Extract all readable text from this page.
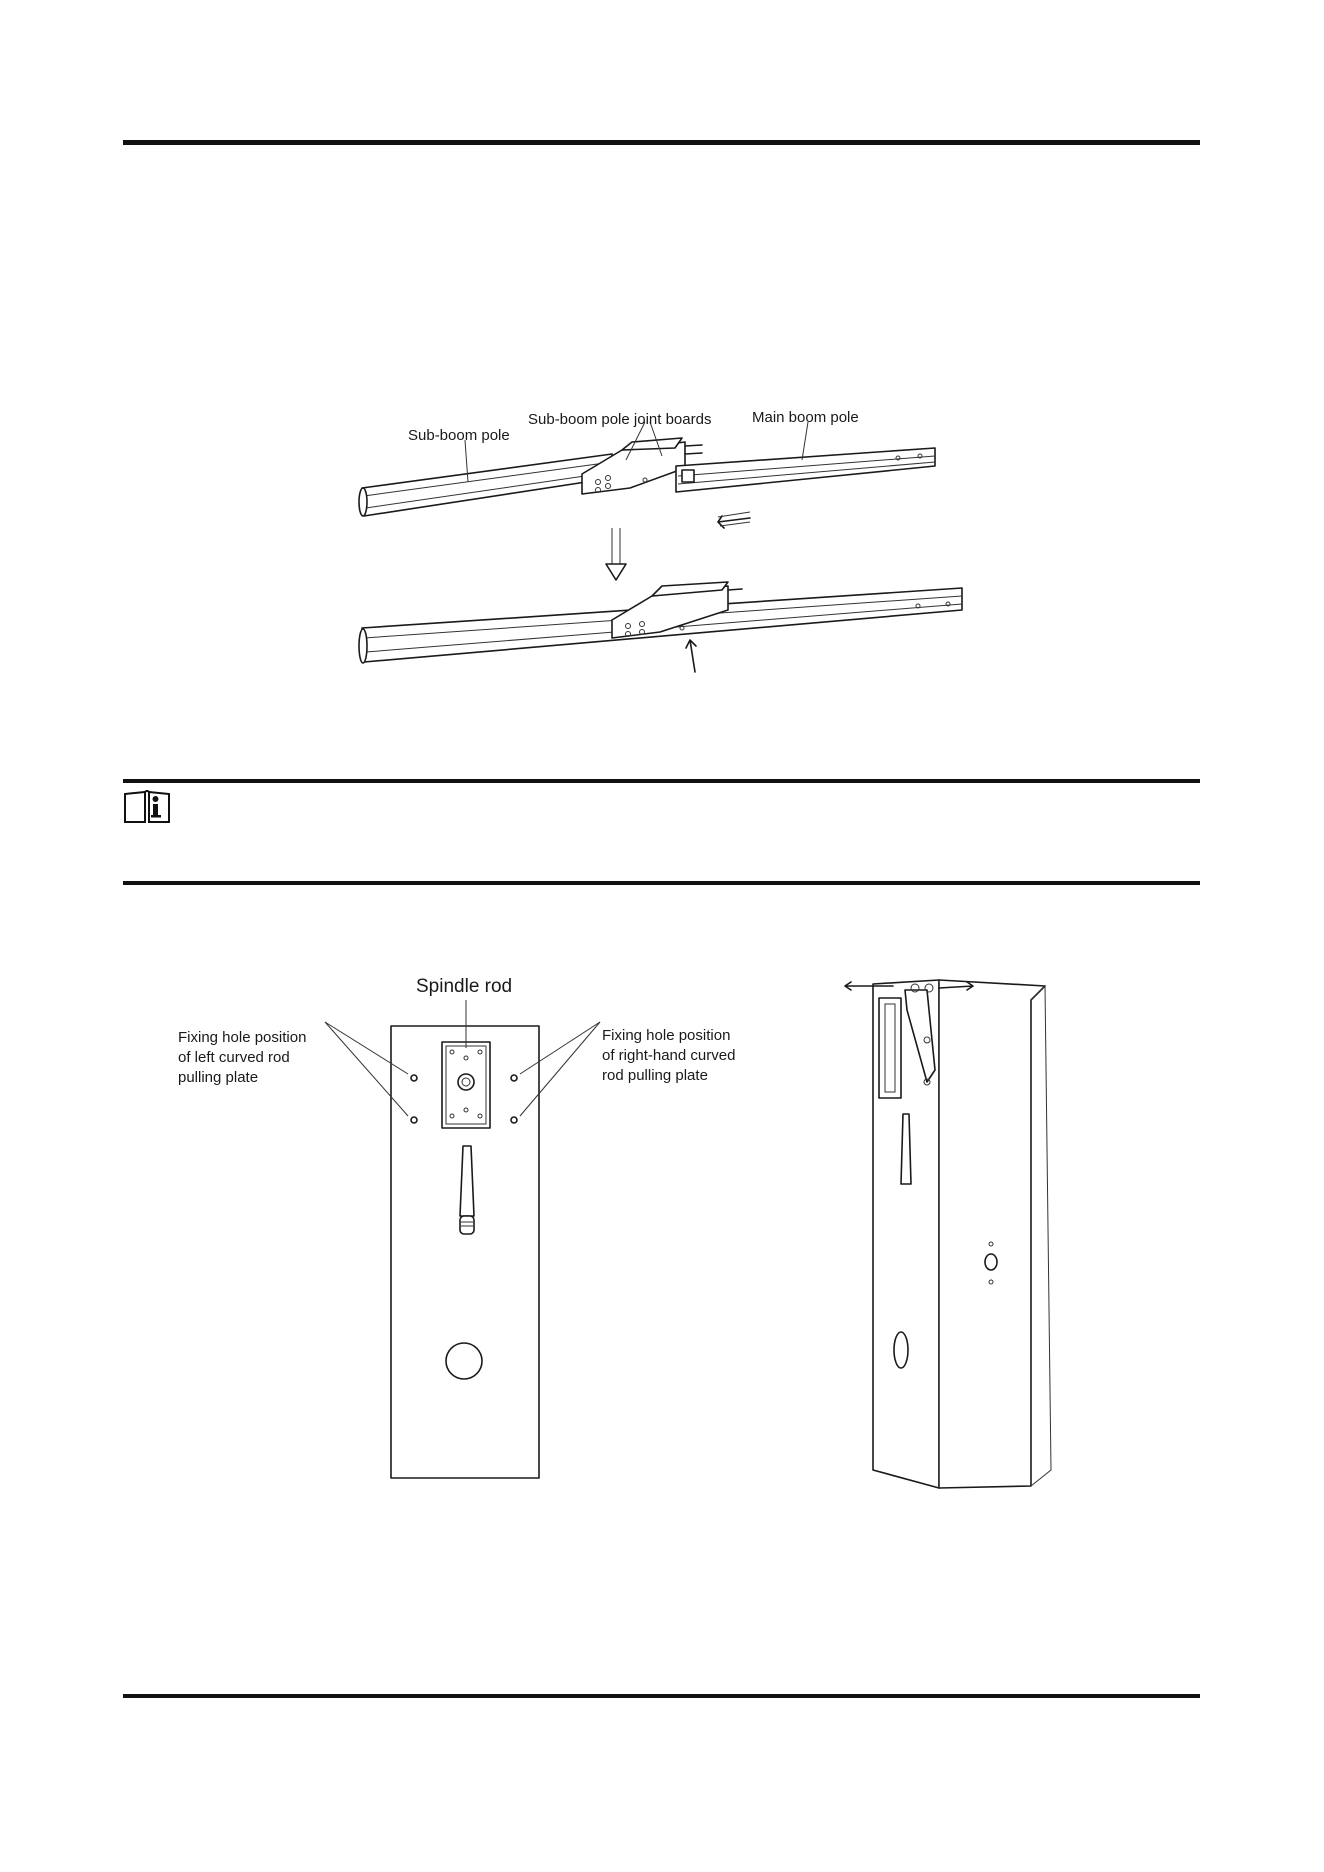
Sub-boom pole
Sub-boom pole joint boards	Main boom pole
Spindle rod
Fixing hole position
of left curved rod
pulling plate
Fixing hole position
of right-hand curved
rod pulling plate
